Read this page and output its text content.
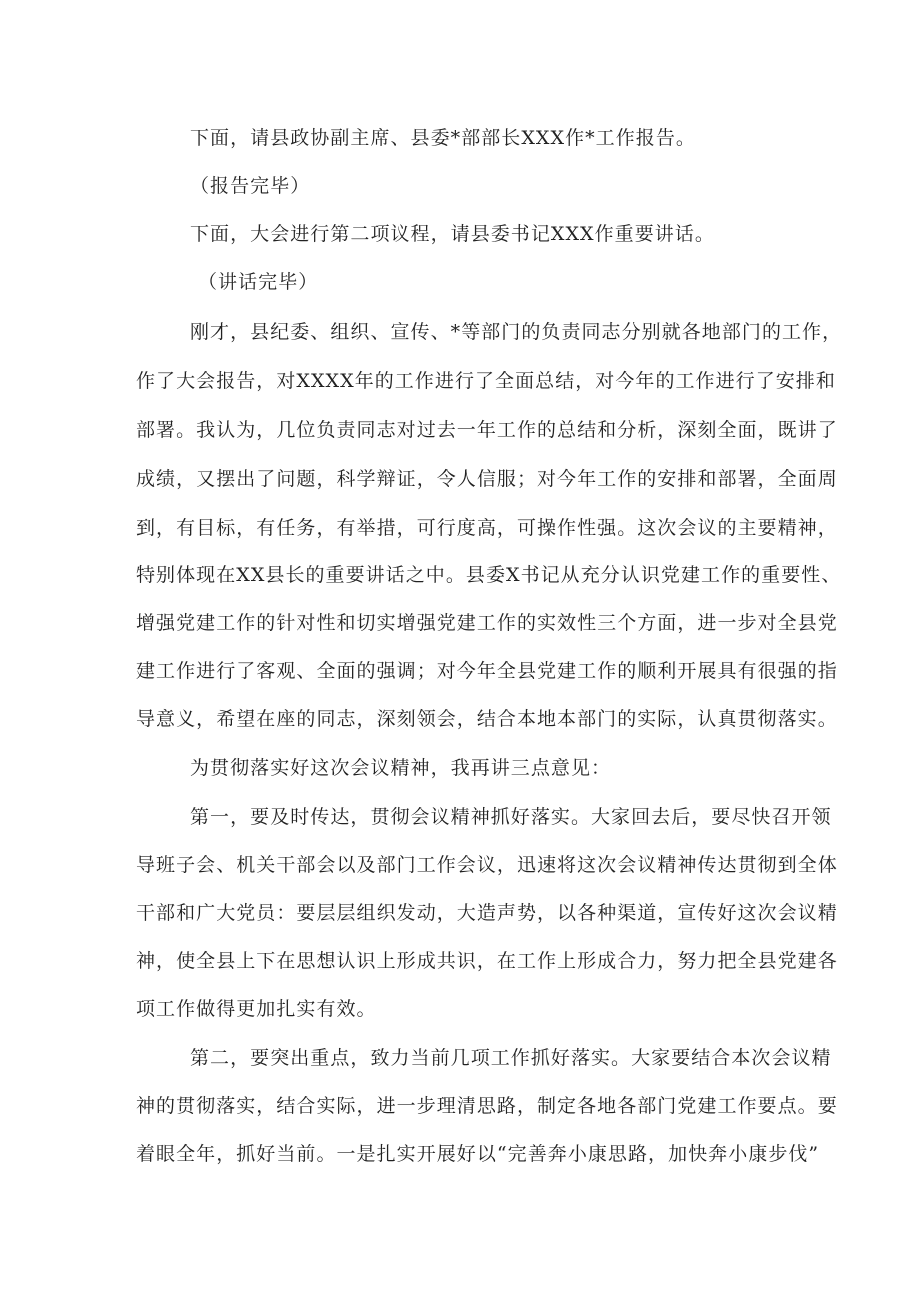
下面，请县政协副主席、县委*部部长XXX作*工作报告。
（报告完毕）
下面，大会进行第二项议程，请县委书记XXX作重要讲话。
（讲话完毕）
刚才，县纪委、组织、宣传、*等部门的负责同志分别就各地部门的工作，
作了大会报告，对XXXX年的工作进行了全面总结，对今年的工作进行了安排和
部署。我认为，几位负责同志对过去一年工作的总结和分析，深刻全面，既讲了
成绩，又摆出了问题，科学辩证，令人信服；对今年工作的安排和部署，全面周
到，有目标，有任务，有举措，可行度高，可操作性强。这次会议的主要精神，
特别体现在XX县长的重要讲话之中。县委X书记从充分认识党建工作的重要性、
增强党建工作的针对性和切实增强党建工作的实效性三个方面，进一步对全县党
建工作进行了客观、全面的强调；对今年全县党建工作的顺利开展具有很强的指
导意义，希望在座的同志，深刻领会，结合本地本部门的实际，认真贯彻落实。
为贯彻落实好这次会议精神，我再讲三点意见：
第一，要及时传达，贯彻会议精神抓好落实。大家回去后，要尽快召开领
导班子会、机关干部会以及部门工作会议，迅速将这次会议精神传达贯彻到全体
干部和广大党员：要层层组织发动，大造声势，以各种渠道，宣传好这次会议精
神，使全县上下在思想认识上形成共识，在工作上形成合力，努力把全县党建各
项工作做得更加扎实有效。
第二，要突出重点，致力当前几项工作抓好落实。大家要结合本次会议精
神的贯彻落实，结合实际，进一步理清思路，制定各地各部门党建工作要点。要
着眼全年，抓好当前。一是扎实开展好以“完善奔小康思路，加快奔小康步伐”
